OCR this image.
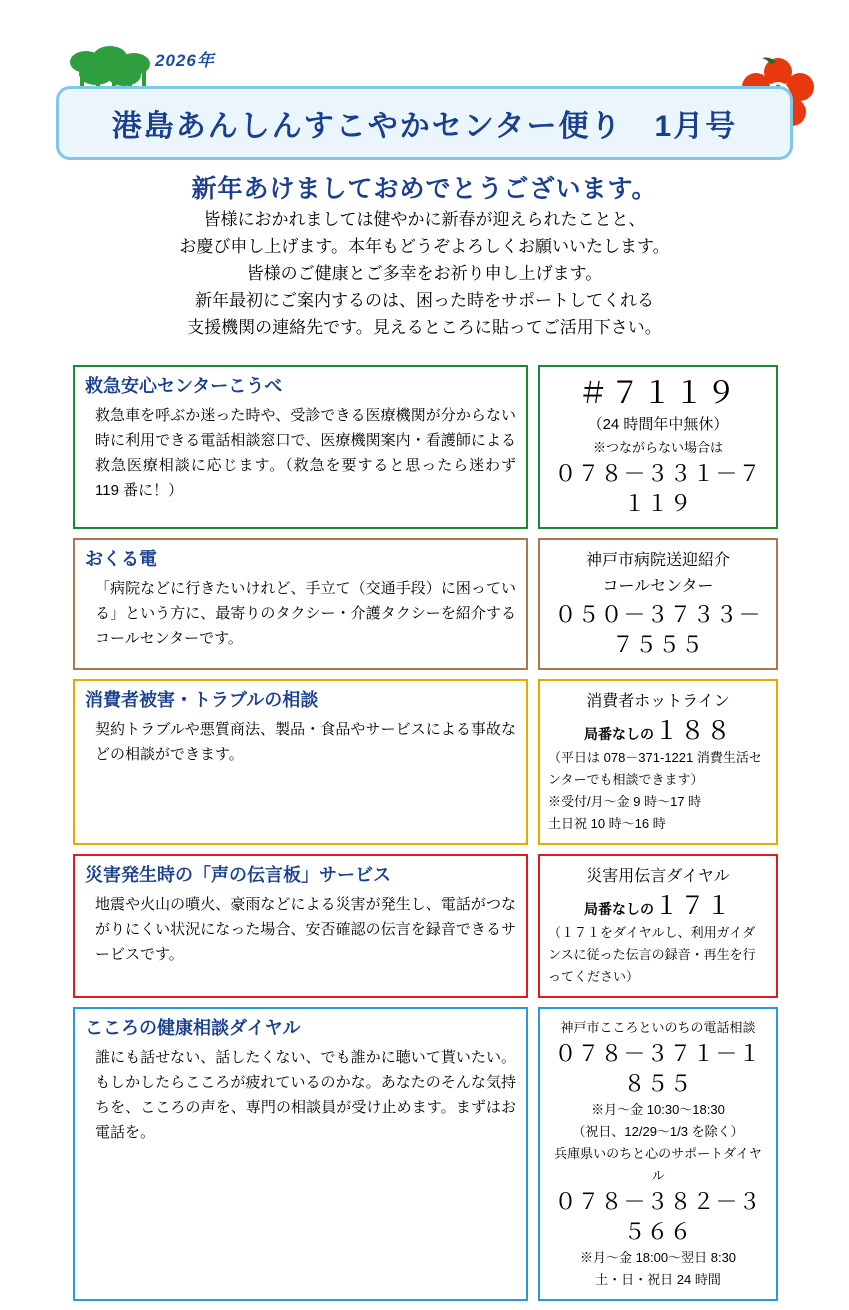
2026年
港島あんしんすこやかセンター便り　1月号
新年あけましておめでとうございます。
皆様におかれましては健やかに新春が迎えられたことと、
お慶び申し上げます。本年もどうぞよろしくお願いいたします。
皆様のご健康とご多幸をお祈り申し上げます。
新年最初にご案内するのは、困った時をサポートしてくれる
支援機関の連絡先です。見えるところに貼ってご活用下さい。
救急安心センターこうべ
救急車を呼ぶか迷った時や、受診できる医療機関が分からない時に利用できる電話相談窓口で、医療機関案内・看護師による救急医療相談に応じます。（救急を要すると思ったら迷わず 119 番に！）
＃７１１９
（24 時間年中無休）
※つながらない場合は
０７８－３３１－７１１９
おくる電
「病院などに行きたいけれど、手立て（交通手段）に困っている」という方に、最寄りのタクシー・介護タクシーを紹介するコールセンターです。
神戸市病院送迎紹介
コールセンター
０５０－３７３３－７５５５
消費者被害・トラブルの相談
契約トラブルや悪質商法、製品・食品やサービスによる事故などの相談ができます。
消費者ホットライン
局番なしの１８８
（平日は 078－371-1221 消費生活センターでも相談できます）
※受付/月～金 9 時～17 時
土日祝 10 時～16 時
災害発生時の「声の伝言板」サービス
地震や火山の噴火、豪雨などによる災害が発生し、電話がつながりにくい状況になった場合、安否確認の伝言を録音できるサービスです。
災害用伝言ダイヤル
局番なしの１７１
（１７１をダイヤルし、利用ガイダンスに従った伝言の録音・再生を行ってください）
こころの健康相談ダイヤル
誰にも話せない、話したくない、でも誰かに聴いて貰いたい。もしかしたらこころが疲れているのかな。あなたのそんな気持ちを、こころの声を、専門の相談員が受け止めます。まずはお電話を。
神戸市こころといのちの電話相談
０７８－３７１－１８５５
※月～金 10:30～18:30
（祝日、12/29～1/3 を除く）
兵庫県いのちと心のサポートダイヤル
０７８－３８２－３５６６
※月～金 18:00～翌日 8:30
土・日・祝日 24 時間
